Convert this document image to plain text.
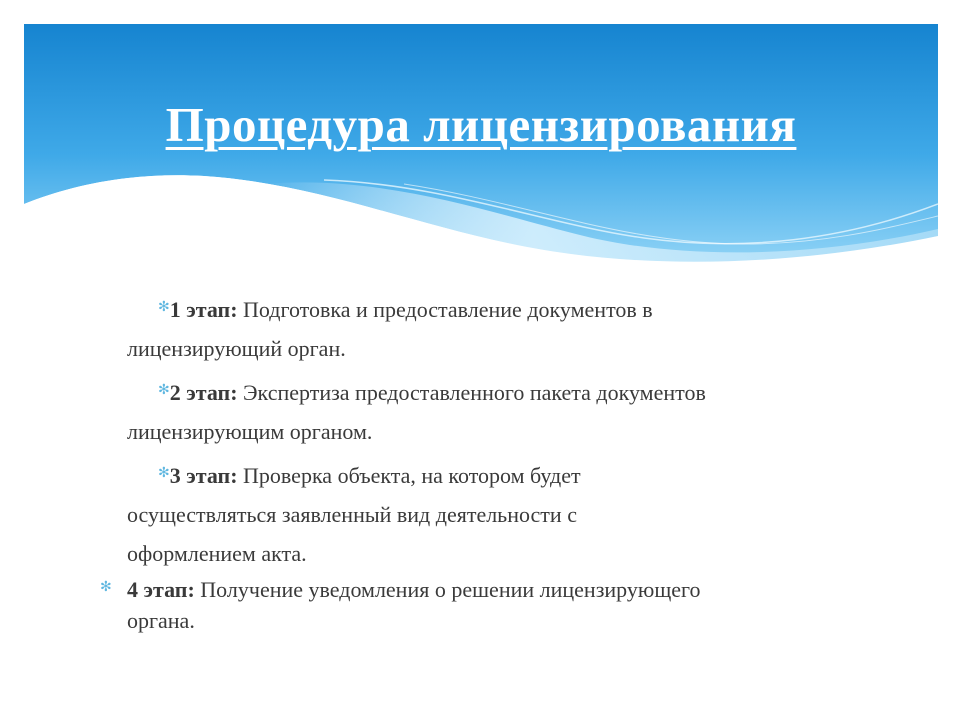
Процедура лицензирования
✻1 этап: Подготовка и предоставление документов в
лицензирующий орган.
✻2 этап: Экспертиза предоставленного пакета документов
лицензирующим органом.
✻3 этап: Проверка объекта, на котором будет
осуществляться заявленный вид деятельности с
оформлением акта.
✻ 4 этап: Получение уведомления о решении лицензирующего
органа.
